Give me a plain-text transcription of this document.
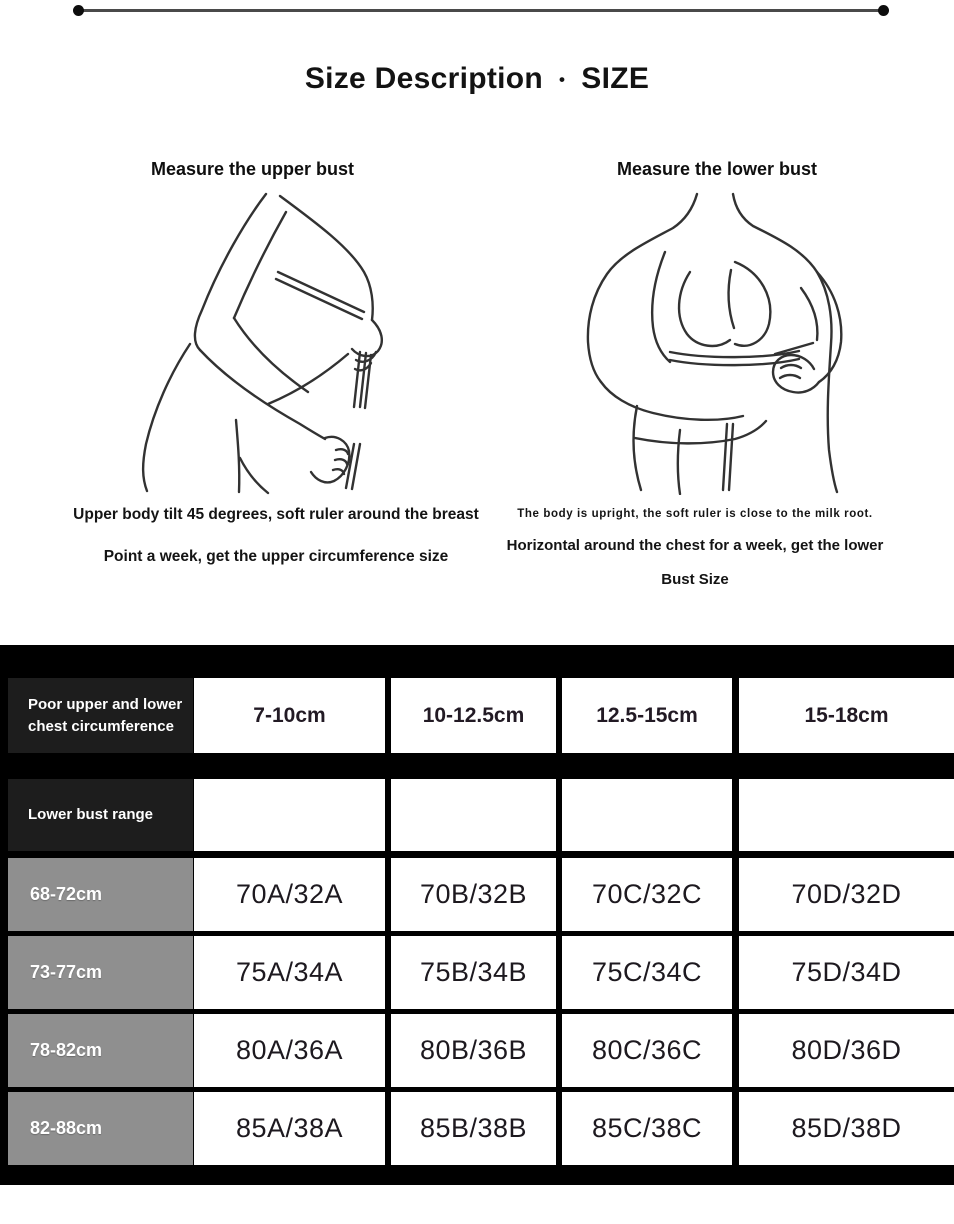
Size Description • SIZE
Measure the upper bust	Measure the lower bust

Upper body tilt 45 degrees, soft ruler around the breast

Point a week, get the upper circumference size

The body is upright, the soft ruler is close to the milk root.

Horizontal around the chest for a week, get the lower

Bust Size

Poor upper and lower
chest circumference	7-10cm	10-12.5cm	12.5-15cm	15-18cm
Lower bust range
68-72cm	70A/32A	70B/32B	70C/32C	70D/32D
73-77cm	75A/34A	75B/34B	75C/34C	75D/34D
78-82cm	80A/36A	80B/36B	80C/36C	80D/36D
82-88cm	85A/38A	85B/38B	85C/38C	85D/38D
